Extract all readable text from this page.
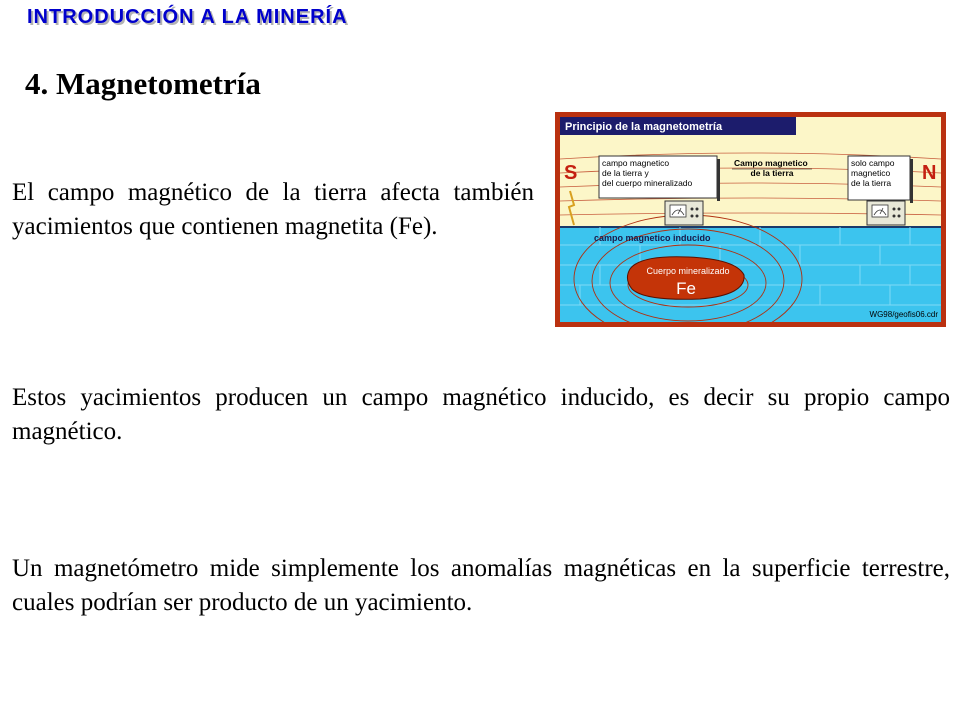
INTRODUCCIÓN A LA MINERÍA
4. Magnetometría
El campo magnético de la tierra afecta también yacimientos que contienen magnetita (Fe).
Estos yacimientos producen un campo magnético inducido, es decir su propio campo magnético.
Un magnetómetro mide simplemente los anomalías magnéticas en la superficie terrestre, cuales podrían ser producto de un yacimiento.
Cuerpo mineralizado
Fe
campo magnetico inducido
Principio de la magnetometría
S	N
campo magnetico de la tierra y del cuerpo mineralizado
Campo magnetico de la tierra
solo campo magnetico de la tierra
WG98/geofis06.cdr
